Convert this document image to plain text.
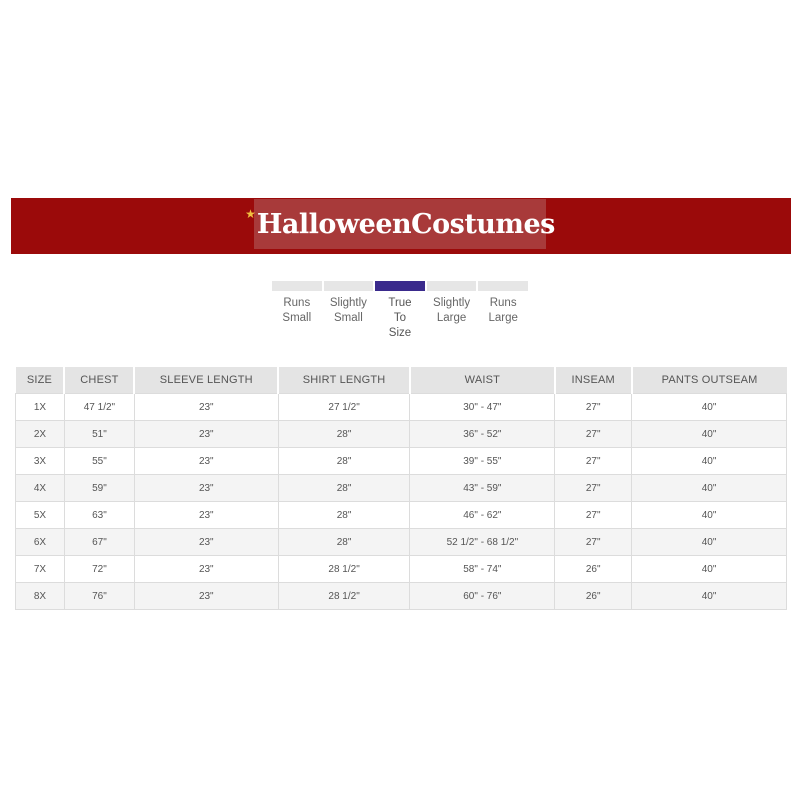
★ HalloweenCostumes
Runs
Small
Slightly
Small
True
To
Size
Slightly
Large
Runs
Large
SIZE	CHEST	SLEEVE LENGTH	SHIRT LENGTH	WAIST	INSEAM	PANTS OUTSEAM
1X	47 1/2"	23"	27 1/2"	30" - 47"	27"	40"
2X	51"	23"	28"	36" - 52"	27"	40"
3X	55"	23"	28"	39" - 55"	27"	40"
4X	59"	23"	28"	43" - 59"	27"	40"
5X	63"	23"	28"	46" - 62"	27"	40"
6X	67"	23"	28"	52 1/2" - 68 1/2"	27"	40"
7X	72"	23"	28 1/2"	58" - 74"	26"	40"
8X	76"	23"	28 1/2"	60" - 76"	26"	40"
